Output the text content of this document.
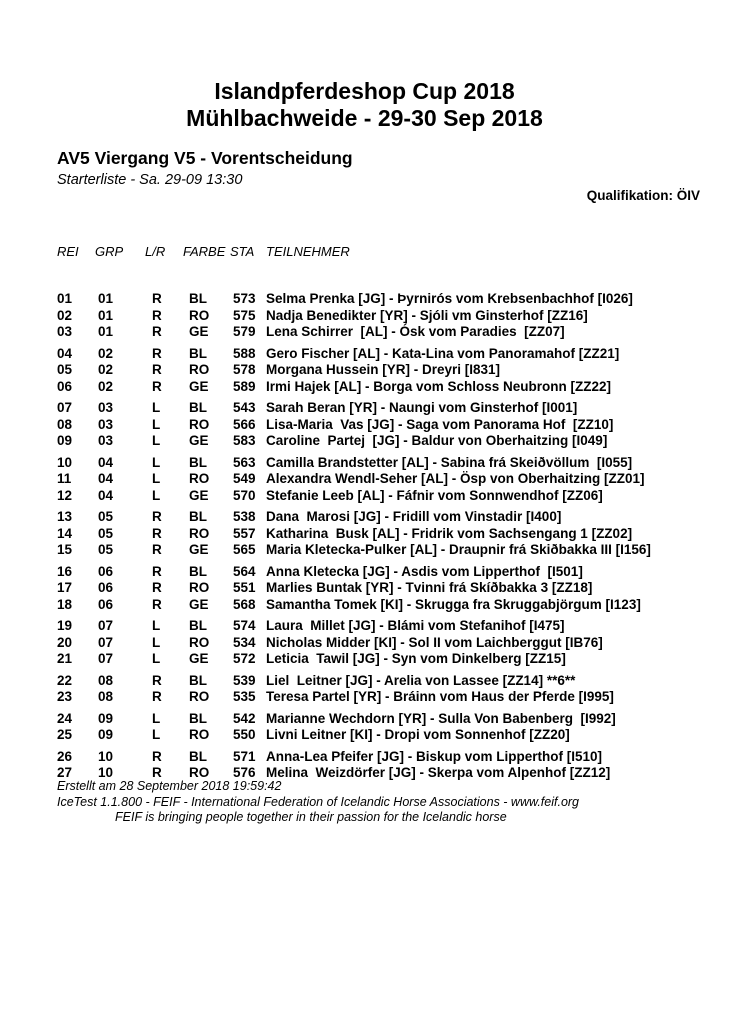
Islandpferdeshop Cup 2018
Mühlbachweide - 29-30 Sep 2018
AV5 Viergang V5 - Vorentscheidung
Starterliste - Sa. 29-09 13:30
Qualifikation: ÖIV
REI	GRP	L/R	FARBE STA TEILNEHMER
01	01	R	BL	573 Selma Prenka [JG] - Þyrnirós vom Krebsenbachhof [I026]
02	01	R	RO	575 Nadja Benedikter [YR] - Sjóli vm Ginsterhof [ZZ16]
03	01	R	GE	579 Lena Schirrer  [AL] - Ósk vom Paradies  [ZZ07]
04	02	R	BL	588 Gero Fischer [AL] - Kata-Lina vom Panoramahof [ZZ21]
05	02	R	RO	578 Morgana Hussein [YR] - Dreyri [I831]
06	02	R	GE	589 Irmi Hajek [AL] - Borga vom Schloss Neubronn [ZZ22]
07	03	L	BL	543 Sarah Beran [YR] - Naungi vom Ginsterhof [I001]
08	03	L	RO	566 Lisa-Maria  Vas [JG] - Saga vom Panorama Hof  [ZZ10]
09	03	L	GE	583 Caroline  Partej  [JG] - Baldur von Oberhaitzing [I049]
10	04	L	BL	563 Camilla Brandstetter [AL] - Sabina frá Skeiðvöllum  [I055]
11	04	L	RO	549 Alexandra Wendl-Seher [AL] - Ösp von Oberhaitzing [ZZ01]
12	04	L	GE	570 Stefanie Leeb [AL] - Fáfnir vom Sonnwendhof [ZZ06]
13	05	R	BL	538 Dana  Marosi [JG] - Fridill vom Vinstadir [I400]
14	05	R	RO	557 Katharina  Busk [AL] - Fridrik vom Sachsengang 1 [ZZ02]
15	05	R	GE	565 Maria Kletecka-Pulker [AL] - Draupnir frá Skiðbakka III [I156]
16	06	R	BL	564 Anna Kletecka [JG] - Asdis vom Lipperthof  [I501]
17	06	R	RO	551 Marlies Buntak [YR] - Tvinni frá Skíðbakka 3 [ZZ18]
18	06	R	GE	568 Samantha Tomek [KI] - Skrugga fra Skruggabjörgum [I123]
19	07	L	BL	574 Laura  Millet [JG] - Blámi vom Stefanihof [I475]
20	07	L	RO	534 Nicholas Midder [KI] - Sol II vom Laichberggut [IB76]
21	07	L	GE	572 Leticia  Tawil [JG] - Syn vom Dinkelberg [ZZ15]
22	08	R	BL	539 Liel  Leitner [JG] - Arelia von Lassee [ZZ14] **6**
23	08	R	RO	535 Teresa Partel [YR] - Bráinn vom Haus der Pferde [I995]
24	09	L	BL	542 Marianne Wechdorn [YR] - Sulla Von Babenberg  [I992]
25	09	L	RO	550 Livni Leitner [KI] - Dropi vom Sonnenhof [ZZ20]
26	10	R	BL	571 Anna-Lea Pfeifer [JG] - Biskup vom Lipperthof [I510]
27	10	R	RO	576 Melina  Weizdörfer [JG] - Skerpa vom Alpenhof [ZZ12]
Erstellt am 28 September 2018 19:59:42
IceTest 1.1.800 - FEIF - International Federation of Icelandic Horse Associations - www.feif.org
FEIF is bringing people together in their passion for the Icelandic horse
